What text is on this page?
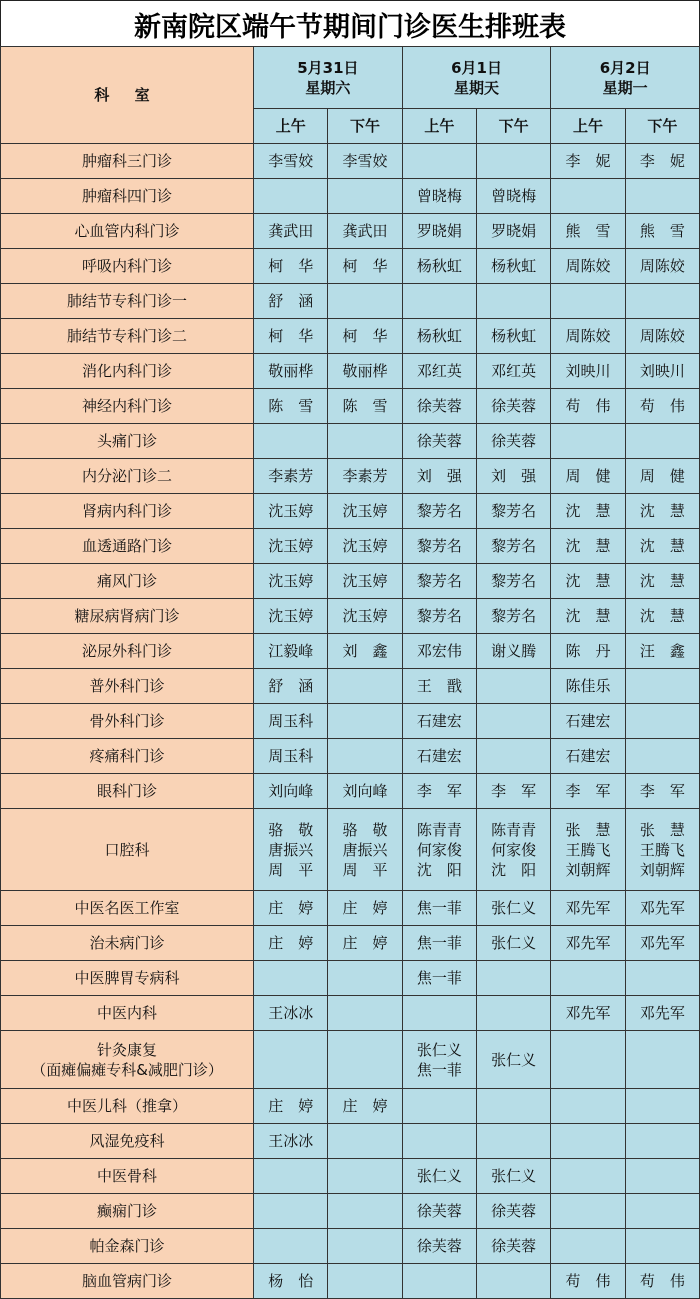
新南院区端午节期间门诊医生排班表
科 室	5月31日
星期六		6月1日
星期天		6月2日
星期一	

	上午	下午	上午	下午	上午	下午

肿瘤科三门诊	李雪姣	李雪姣			李　妮	李　妮

肿瘤科四门诊			曾晓梅	曾晓梅		

心血管内科门诊	龚武田	龚武田	罗晓娟	罗晓娟	熊　雪	熊　雪

呼吸内科门诊	柯　华	柯　华	杨秋虹	杨秋虹	周陈姣	周陈姣

肺结节专科门诊一	舒　涵					

肺结节专科门诊二	柯　华	柯　华	杨秋虹	杨秋虹	周陈姣	周陈姣

消化内科门诊	敬丽桦	敬丽桦	邓红英	邓红英	刘映川	刘映川

神经内科门诊	陈　雪	陈　雪	徐芙蓉	徐芙蓉	苟　伟	苟　伟

头痛门诊			徐芙蓉	徐芙蓉		

内分泌门诊二	李素芳	李素芳	刘　强	刘　强	周　健	周　健

肾病内科门诊	沈玉婷	沈玉婷	黎芳名	黎芳名	沈　慧	沈　慧

血透通路门诊	沈玉婷	沈玉婷	黎芳名	黎芳名	沈　慧	沈　慧

痛风门诊	沈玉婷	沈玉婷	黎芳名	黎芳名	沈　慧	沈　慧

糖尿病肾病门诊	沈玉婷	沈玉婷	黎芳名	黎芳名	沈　慧	沈　慧

泌尿外科门诊	江毅峰	刘　鑫	邓宏伟	谢义腾	陈　丹	汪　鑫

普外科门诊	舒　涵		王　戬		陈佳乐	

骨外科门诊	周玉科		石建宏		石建宏	

疼痛科门诊	周玉科		石建宏		石建宏	

眼科门诊	刘向峰	刘向峰	李　军	李　军	李　军	李　军

口腔科	骆　敬
唐振兴
周　平	骆　敬
唐振兴
周　平	陈青青
何家俊
沈　阳	陈青青
何家俊
沈　阳	张　慧
王腾飞
刘朝辉	张　慧
王腾飞
刘朝辉

中医名医工作室	庄　婷	庄　婷	焦一菲	张仁义	邓先军	邓先军

治未病门诊	庄　婷	庄　婷	焦一菲	张仁义	邓先军	邓先军

中医脾胃专病科			焦一菲			

中医内科	王冰冰				邓先军	邓先军

针灸康复
（面瘫偏瘫专科&减肥门诊）			张仁义
焦一菲	张仁义		

中医儿科（推拿）	庄　婷	庄　婷				

风湿免疫科	王冰冰					

中医骨科			张仁义	张仁义		

癫痫门诊			徐芙蓉	徐芙蓉		

帕金森门诊			徐芙蓉	徐芙蓉		

脑血管病门诊	杨　怡				苟　伟	苟　伟
